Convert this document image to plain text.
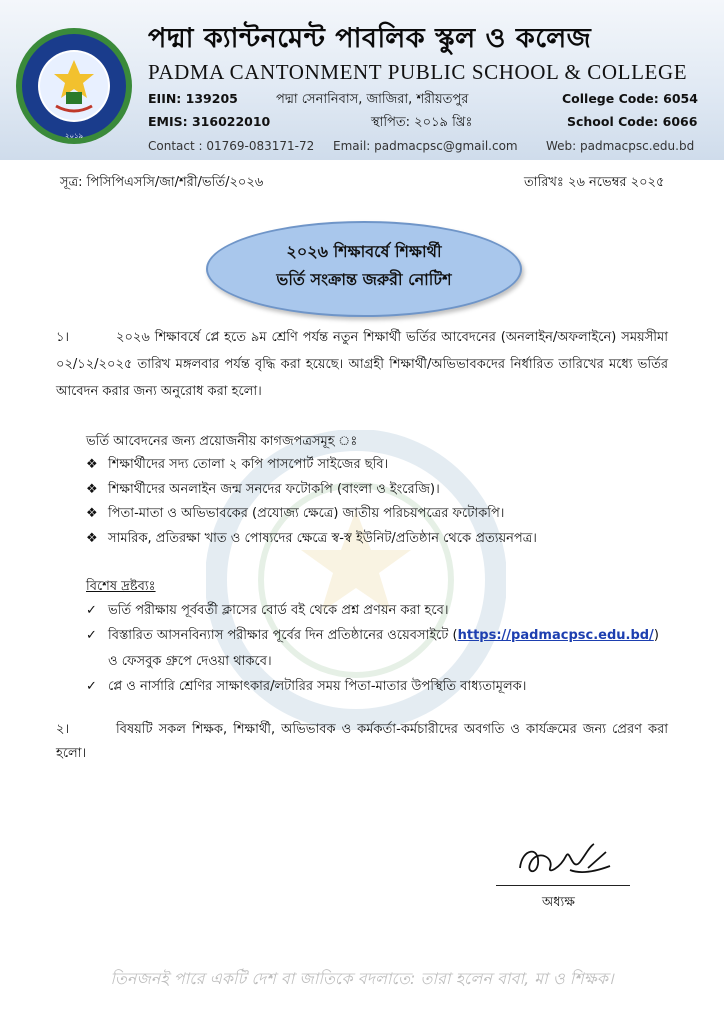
২০১৯
পদ্মা ক্যান্টনমেন্ট পাবলিক স্কুল ও কলেজ
PADMA CANTONMENT PUBLIC SCHOOL & COLLEGE
EIIN: 139205	পদ্মা সেনানিবাস, জাজিরা, শরীয়তপুর	College Code: 6054
EMIS: 316022010	স্থাপিত: ২০১৯ খ্রিঃ	School Code: 6066
Contact : 01769-083171-72 Email: padmacpsc@gmail.com Web: padmacpsc.edu.bd
সূত্র: পিসিপিএসসি/জা/শরী/ভর্তি/২০২৬	তারিখঃ ২৬ নভেম্বর ২০২৫
২০২৬ শিক্ষাবর্ষে শিক্ষার্থী
ভর্তি সংক্রান্ত জরুরী নোটিশ
১।	২০২৬ শিক্ষাবর্ষে প্লে হতে ৯ম শ্রেণি পর্যন্ত নতুন শিক্ষার্থী ভর্তির আবেদনের (অনলাইন/অফলাইনে) সময়সীমা ০২/১২/২০২৫ তারিখ মঙ্গলবার পর্যন্ত বৃদ্ধি করা হয়েছে। আগ্রহী শিক্ষার্থী/অভিভাবকদের নির্ধারিত তারিখের মধ্যে ভর্তির আবেদন করার জন্য অনুরোধ করা হলো।
ভর্তি আবেদনের জন্য প্রয়োজনীয় কাগজপত্রসমূহ ঃ
❖ শিক্ষার্থীদের সদ্য তোলা ২ কপি পাসপোর্ট সাইজের ছবি।
❖ শিক্ষার্থীদের অনলাইন জন্ম সনদের ফটোকপি (বাংলা ও ইংরেজি)।
❖ পিতা-মাতা ও অভিভাবকের (প্রযোজ্য ক্ষেত্রে) জাতীয় পরিচয়পত্রের ফটোকপি।
❖ সামরিক, প্রতিরক্ষা খাত ও পোষ্যদের ক্ষেত্রে স্ব-স্ব ইউনিট/প্রতিষ্ঠান থেকে প্রত্যয়নপত্র।
বিশেষ দ্রষ্টব্যঃ
✓ ভর্তি পরীক্ষায় পূর্ববর্তী ক্লাসের বোর্ড বই থেকে প্রশ্ন প্রণয়ন করা হবে।
✓ বিস্তারিত আসনবিন্যাস পরীক্ষার পূর্বের দিন প্রতিষ্ঠানের ওয়েবসাইটে (https://padmacpsc.edu.bd/)
ও ফেসবুক গ্রুপে দেওয়া থাকবে।
✓ প্লে ও নার্সারি শ্রেণির সাক্ষাৎকার/লটারির সময় পিতা-মাতার উপস্থিতি বাধ্যতামূলক।
২।	বিষয়টি সকল শিক্ষক, শিক্ষার্থী, অভিভাবক ও কর্মকর্তা-কর্মচারীদের অবগতি ও কার্যক্রমের জন্য প্রেরণ করা হলো।
অধ্যক্ষ
তিনজনই পারে একটি দেশ বা জাতিকে বদলাতে: তারা হলেন বাবা, মা ও শিক্ষক।
